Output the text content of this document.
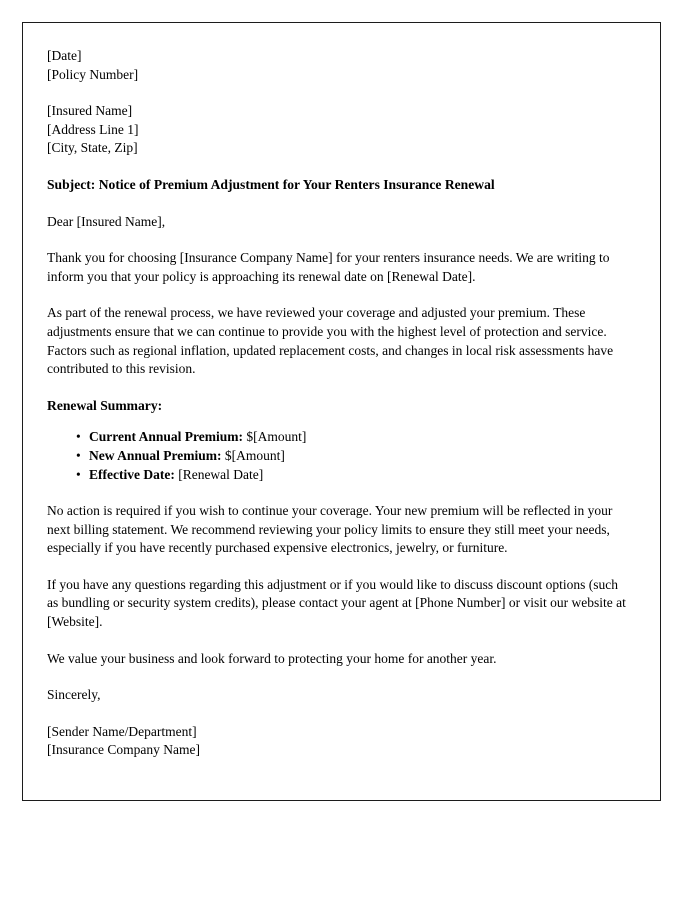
[Date]
[Policy Number]
[Insured Name]
[Address Line 1]
[City, State, Zip]

Subject: Notice of Premium Adjustment for Your Renters Insurance Renewal

Dear [Insured Name],

Thank you for choosing [Insurance Company Name] for your renters insurance needs. We are writing to inform you that your policy is approaching its renewal date on [Renewal Date].

As part of the renewal process, we have reviewed your coverage and adjusted your premium. These adjustments ensure that we can continue to provide you with the highest level of protection and service. Factors such as regional inflation, updated replacement costs, and changes in local risk assessments have contributed to this revision.

Renewal Summary:

• Current Annual Premium: $[Amount]
• New Annual Premium: $[Amount]
• Effective Date: [Renewal Date]

No action is required if you wish to continue your coverage. Your new premium will be reflected in your next billing statement. We recommend reviewing your policy limits to ensure they still meet your needs, especially if you have recently purchased expensive electronics, jewelry, or furniture.

If you have any questions regarding this adjustment or if you would like to discuss discount options (such as bundling or security system credits), please contact your agent at [Phone Number] or visit our website at [Website].

We value your business and look forward to protecting your home for another year.

Sincerely,

[Sender Name/Department]
[Insurance Company Name]
